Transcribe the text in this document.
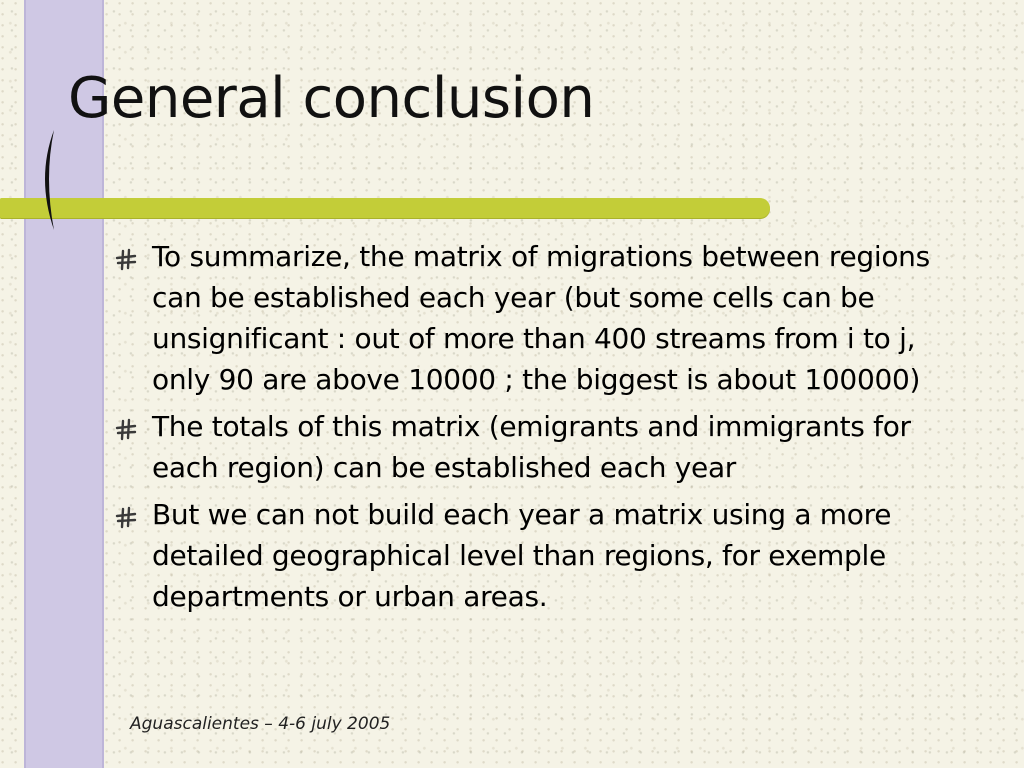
General conclusion
To summarize, the matrix of migrations between regions can be established each year (but some cells can be unsignificant : out of more than 400 streams from i to j, only 90 are above 10000 ; the biggest is about 100000)
The totals of this matrix (emigrants and immigrants for each region) can be established each year
But we can not build each year a matrix using a more detailed geographical level than regions, for exemple departments or urban areas.
Aguascalientes – 4-6 july 2005
